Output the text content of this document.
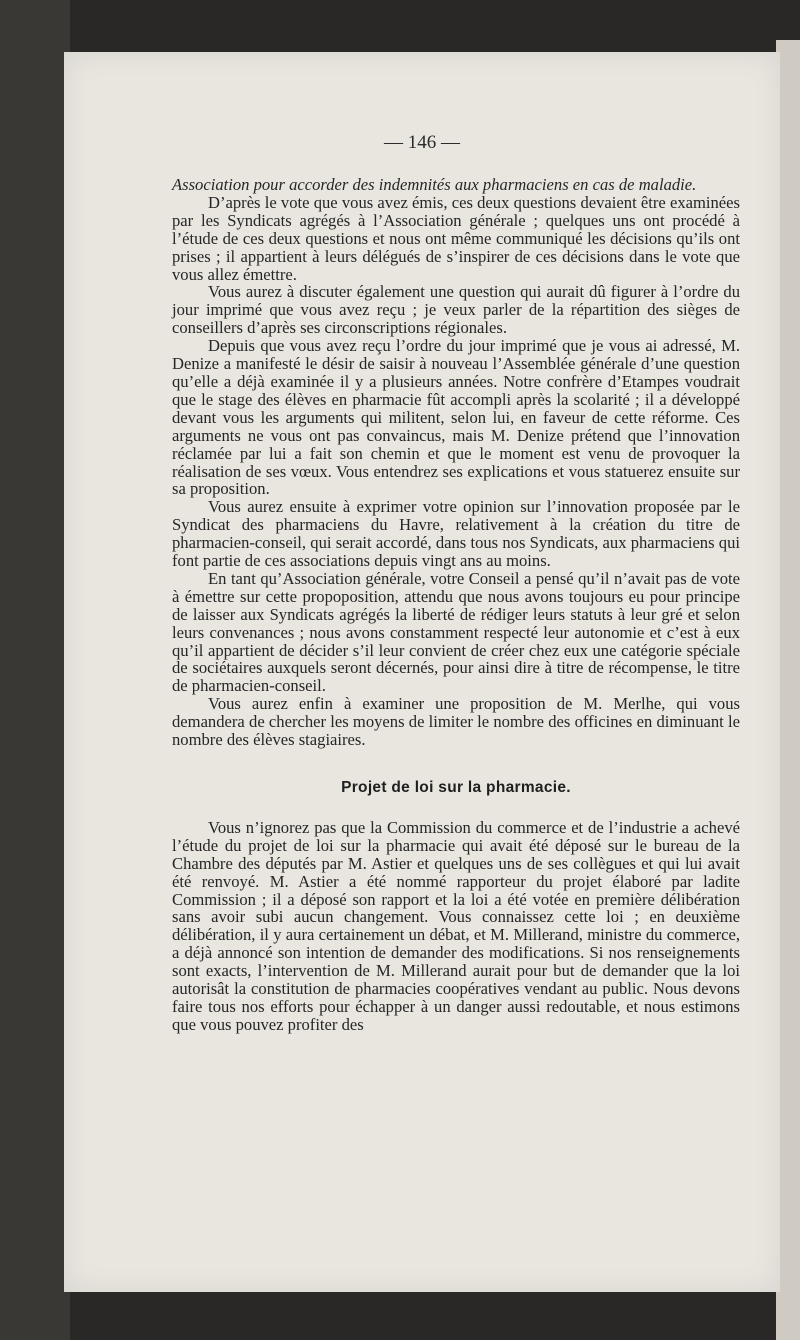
— 146 —

Association pour accorder des indemnités aux pharmaciens en cas de maladie.

D’après le vote que vous avez émis, ces deux questions devaient être examinées par les Syndicats agrégés à l’Association générale ; quelques uns ont procédé à l’étude de ces deux questions et nous ont même communiqué les décisions qu’ils ont prises ; il appartient à leurs délégués de s’inspirer de ces décisions dans le vote que vous allez émettre.

Vous aurez à discuter également une question qui aurait dû figurer à l’ordre du jour imprimé que vous avez reçu ; je veux parler de la répartition des sièges de conseillers d’après ses circonscriptions régionales.

Depuis que vous avez reçu l’ordre du jour imprimé que je vous ai adressé, M. Denize a manifesté le désir de saisir à nouveau l’Assemblée générale d’une question qu’elle a déjà examinée il y a plusieurs années. Notre confrère d’Etampes voudrait que le stage des élèves en pharmacie fût accompli après la scolarité ; il a développé devant vous les arguments qui militent, selon lui, en faveur de cette réforme. Ces arguments ne vous ont pas convaincus, mais M. Denize prétend que l’innovation réclamée par lui a fait son chemin et que le moment est venu de provoquer la réalisation de ses vœux. Vous entendrez ses explications et vous statuerez ensuite sur sa proposition.

Vous aurez ensuite à exprimer votre opinion sur l’innovation proposée par le Syndicat des pharmaciens du Havre, relativement à la création du titre de pharmacien-conseil, qui serait accordé, dans tous nos Syndicats, aux pharmaciens qui font partie de ces associations depuis vingt ans au moins.

En tant qu’Association générale, votre Conseil a pensé qu’il n’avait pas de vote à émettre sur cette propoposition, attendu que nous avons toujours eu pour principe de laisser aux Syndicats agrégés la liberté de rédiger leurs statuts à leur gré et selon leurs convenances ; nous avons constamment respecté leur autonomie et c’est à eux qu’il appartient de décider s’il leur convient de créer chez eux une catégorie spéciale de sociétaires auxquels seront décernés, pour ainsi dire à titre de récompense, le titre de pharmacien-conseil.

Vous aurez enfin à examiner une proposition de M. Merlhe, qui vous demandera de chercher les moyens de limiter le nombre des officines en diminuant le nombre des élèves stagiaires.

Projet de loi sur la pharmacie.

Vous n’ignorez pas que la Commission du commerce et de l’industrie a achevé l’étude du projet de loi sur la pharmacie qui avait été déposé sur le bureau de la Chambre des députés par M. Astier et quelques uns de ses collègues et qui lui avait été renvoyé. M. Astier a été nommé rapporteur du projet élaboré par ladite Commission ; il a déposé son rapport et la loi a été votée en première délibération sans avoir subi aucun changement. Vous connaissez cette loi ; en deuxième délibération, il y aura certainement un débat, et M. Millerand, ministre du commerce, a déjà annoncé son intention de demander des modifications. Si nos renseignements sont exacts, l’intervention de M. Millerand aurait pour but de demander que la loi autorisât la constitution de pharmacies coopératives vendant au public. Nous devons faire tous nos efforts pour échapper à un danger aussi redoutable, et nous estimons que vous pouvez profiter des
